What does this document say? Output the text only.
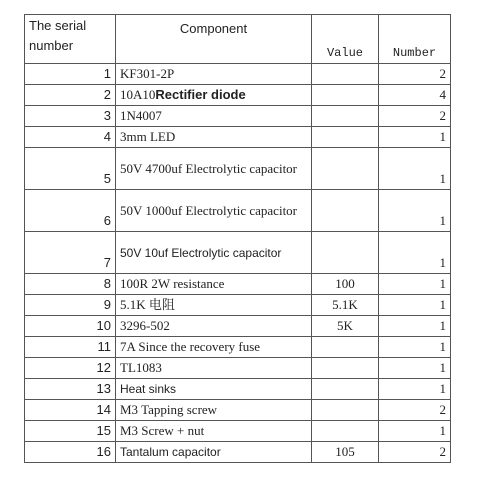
The serial number	Component	Value	Number
1	KF301-2P		2
2	10A10Rectifier diode		4
3	1N4007		2
4	3mm LED		1
5	50V 4700uf Electrolytic capacitor		1
6	50V 1000uf Electrolytic capacitor		1
7	50V 10uf Electrolytic capacitor		1
8	100R 2W resistance	100	1
9	5.1K 电阻	5.1K	1
10	3296-502	5K	1
11	7A Since the recovery fuse		1
12	TL1083		1
13	Heat sinks		1
14	M3 Tapping screw		2
15	M3 Screw + nut		1
16	Tantalum capacitor	105	2
